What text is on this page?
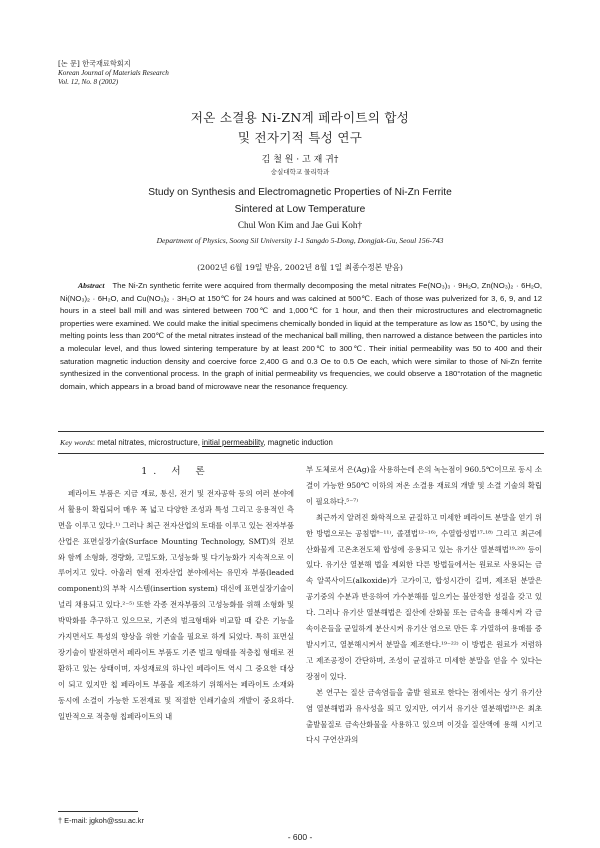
[논 문] 한국재료학회지
Korean Journal of Materials Research
Vol. 12, No. 8 (2002)
저온 소결용 Ni-ZN계 페라이트의 합성
및 전자기적 특성 연구
김 철 원 · 고 재 귀†
숭실대학교 물리학과
Study on Synthesis and Electromagnetic Properties of Ni-Zn Ferrite
Sintered at Low Temperature
Chul Won Kim and Jae Gui Koh†
Department of Physics, Soong Sil University 1-1 Sangdo 5-Dong, Dongjak-Gu, Seoul 156-743
(2002년 6월 19일 받음, 2002년 8월 1일 최종수정본 받음)
Abstract The Ni-Zn synthetic ferrite were acquired from thermally decomposing the metal nitrates Fe(NO₃)₃ · 9H₂O, Zn(NO₃)₂ · 6H₂O, Ni(NO₃)₂ · 6H₂O, and Cu(NO₃)₂ · 3H₂O at 150℃ for 24 hours and was calcined at 500℃. Each of those was pulverized for 3, 6, 9, and 12 hours in a steel ball mill and was sintered between 700℃ and 1,000℃ for 1 hour, and then their microstructures and electromagnetic properties were examined. We could make the initial specimens chemically bonded in liquid at the temperature as low as 150℃, by using the melting points less than 200℃ of the metal nitrates instead of the mechanical ball milling, then narrowed a distance between the particles into a molecular level, and thus lowed sintering temperature by at least 200℃ to 300℃. Their initial permeability was 50 to 400 and their saturation magnetic induction density and coercive force 2,400 G and 0.3 Oe to 0.5 Oe each, which were similar to those of Ni-Zn ferrite synthesized in the conventional process. In the graph of initial permeability vs frequencies, we could observe a 180°rotation of the magnetic domain, which appears in a broad band of microwave near the resonance frequency.
Key words: metal nitrates, microstructure, initial permeability, magnetic induction

1. 서 론

페라이트 부품은 지금 재료, 통신, 전기 및 전자공학 등의 여러 분야에서 활용이 확립되어 매우 폭 넓고 다양한 조성과 특성 그리고 응용적인 측면을 이루고 있다.¹⁾ 그러나 최근 전자산업의 토대를 이루고 있는 전자부품산업은 표면실장기술(Surface Mounting Technology, SMT)의 진보와 함께 소형화, 경량화, 고밀도화, 고성능화 및 다기능화가 지속적으로 이루어지고 있다. 아울러 현재 전자산업 분야에서는 유민자 부품(leaded component)의 부착 시스템(insertion system) 대신에 표면실장기술이 널리 채용되고 있다.²⁻⁵⁾ 또한 각종 전자부품의 고성능화를 위해 소형화 및 박막화를 추구하고 있으므로, 기존의 벌크형태와 비교할 때 같은 기능을 가지면서도 특성의 향상을 위한 기술을 필요로 하게 되었다. 특히 표면실장기술이 발전하면서 페라이트 부품도 기존 벌크 형태를 적층칩 형태로 전환하고 있는 상태이며, 자성재료의 하나인 페라이트 역시 그 중요한 대상이 되고 있지만 칩 페라이트 부품을 제조하기 위해서는 페라이트 소재와 동시에 소결이 가능한 도전재료 및 적절한 인쇄기술의 개발이 중요하다. 일반적으로 적층형 칩페라이트의 내

부 도체로서 은(Ag)을 사용하는데 은의 녹는점이 960.5℃이므로 동시 소결이 가능한 950℃ 이하의 저온 소결용 재료의 개발 및 소결 기술의 확립이 필요하다.⁵⁻⁷⁾

최근까지 알려진 화학적으로 균질하고 미세한 페라이트 분말을 얻기 위한 방법으로는 공침법⁸⁻¹¹⁾, 졸겔법¹²⁻¹⁶⁾, 수열합성법¹⁷·¹⁸⁾ 그리고 최근에 산화물계 고온초전도체 합성에 응용되고 있는 유기산 열분해법¹⁹·²⁰⁾ 등이 있다. 유기산 열분해 법을 제외한 다른 방법들에서는 원료로 사용되는 금속 알콕사이드(alkoxide)가 고가이고, 합성시간이 길며, 제조된 분말은 공기중의 수분과 반응하여 가수분해를 일으키는 불안정한 성질을 갖고 있다. 그러나 유기산 열분해법은 질산에 산화물 또는 금속을 용해시켜 각 금속이온들을 균일하게 분산시켜 유기산 염으로 만든 후 가열하여 용매를 증발시키고, 열분해시켜서 분말을 제조한다.¹⁹⁻²²⁾ 이 방법은 원료가 저렴하고 제조공정이 간단하며, 조성이 균질하고 미세한 분말을 얻을 수 있다는 장점이 있다.

본 연구는 질산 금속염들을 출발 원료로 한다는 점에서는 상기 유기산 염 열분해법과 유사성을 띄고 있지만, 여기서 유기산 열분해법²³⁾은 최초 출발물질로 금속산화물을 사용하고 있으며 이것을 질산액에 용해 시키고 다시 구연산과의

† E-mail: jgkoh@ssu.ac.kr
- 600 -
